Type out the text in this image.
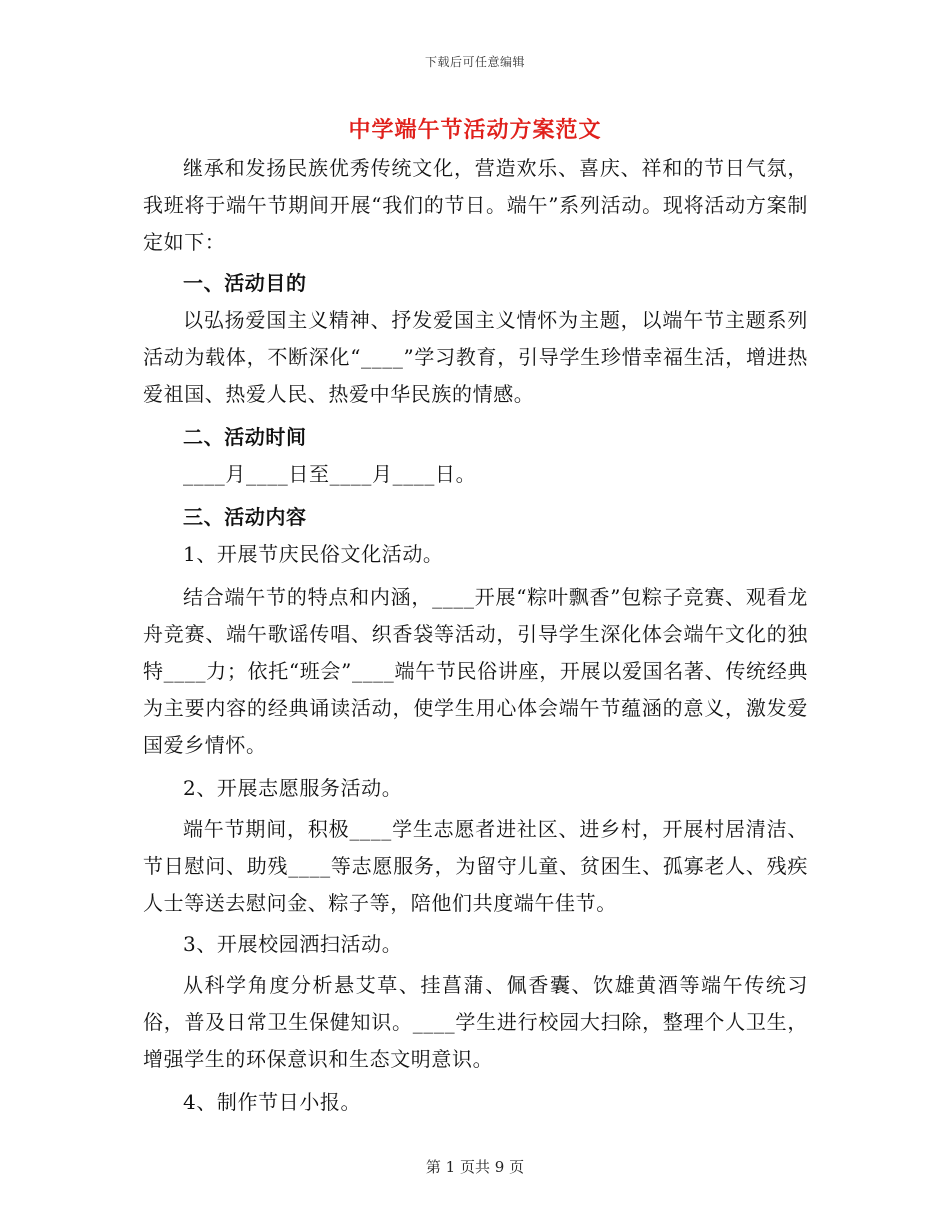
下载后可任意编辑
中学端午节活动方案范文

继承和发扬民族优秀传统文化，营造欢乐、喜庆、祥和的节日气氛，我班将于端午节期间开展“我们的节日。端午”系列活动。现将活动方案制定如下：

一、活动目的

以弘扬爱国主义精神、抒发爱国主义情怀为主题，以端午节主题系列活动为载体，不断深化“____”学习教育，引导学生珍惜幸福生活，增进热爱祖国、热爱人民、热爱中华民族的情感。

二、活动时间

____月____日至____月____日。

三、活动内容

1、开展节庆民俗文化活动。

结合端午节的特点和内涵，____开展“粽叶飘香”包粽子竞赛、观看龙舟竞赛、端午歌谣传唱、织香袋等活动，引导学生深化体会端午文化的独特____力；依托“班会”____端午节民俗讲座，开展以爱国名著、传统经典为主要内容的经典诵读活动，使学生用心体会端午节蕴涵的意义，激发爱国爱乡情怀。

2、开展志愿服务活动。

端午节期间，积极____学生志愿者进社区、进乡村，开展村居清洁、节日慰问、助残____等志愿服务，为留守儿童、贫困生、孤寡老人、残疾人士等送去慰问金、粽子等，陪他们共度端午佳节。

3、开展校园洒扫活动。

从科学角度分析悬艾草、挂菖蒲、佩香囊、饮雄黄酒等端午传统习俗，普及日常卫生保健知识。____学生进行校园大扫除，整理个人卫生，增强学生的环保意识和生态文明意识。

4、制作节日小报。

第 1 页共 9 页
